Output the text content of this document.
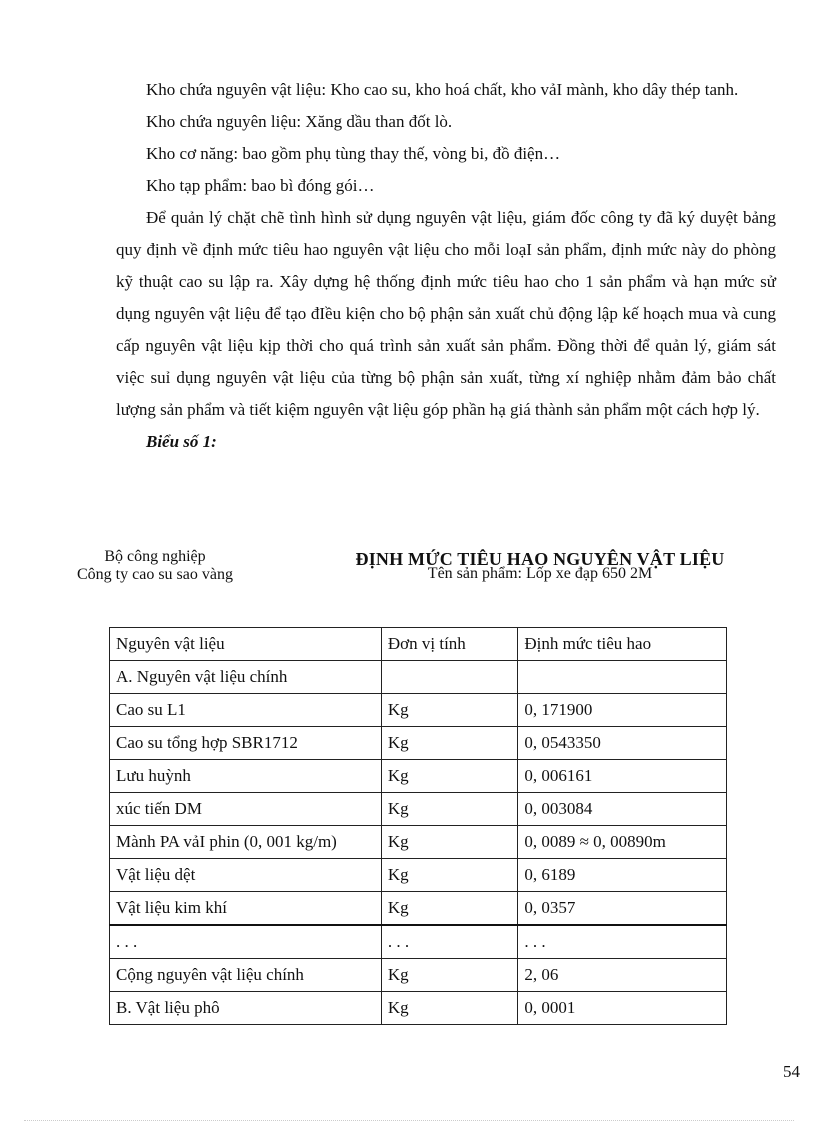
Kho chứa nguyên vật liệu: Kho cao su, kho hoá chất, kho vảI mành, kho dây thép tanh.

Kho chứa nguyên liệu: Xăng dầu than đốt lò.

Kho cơ năng: bao gồm phụ tùng thay thế, vòng bi, đồ điện…

Kho tạp phẩm: bao bì đóng gói…

Để quản lý chặt chẽ tình hình sử dụng nguyên vật liệu, giám đốc công ty đã ký duyệt bảng quy định về định mức tiêu hao nguyên vật liệu cho mỗi loạI sản phẩm, định mức này do phòng kỹ thuật cao su lập ra. Xây dựng hệ thống định mức tiêu hao cho 1 sản phẩm và hạn mức sử dụng nguyên vật liệu để tạo đIều kiện cho bộ phận sản xuất chủ động lập kế hoạch mua và cung cấp nguyên vật liệu kịp thời cho quá trình sản xuất sản phẩm. Đồng thời để quản lý, giám sát việc suỉ dụng nguyên vật liệu của từng bộ phận sản xuất, từng xí nghiệp nhằm đảm bảo chất lượng sản phẩm và tiết kiệm nguyên vật liệu góp phần hạ giá thành sản phẩm một cách hợp lý.

Biểu số 1:

Bộ công nghiệp
Công ty cao su sao vàng
ĐỊNH MỨC TIÊU HAO NGUYÊN VẬT LIỆU
Tên sản phẩm: Lốp xe đạp 650 2M
Nguyên vật liệu	Đơn vị tính	Định mức tiêu hao
A. Nguyên vật liệu chính		
Cao su L1	Kg	0, 171900
Cao su tổng hợp SBR1712	Kg	0, 0543350
Lưu huỳnh	Kg	0, 006161
xúc tiến DM	Kg	0, 003084
Mành PA vảI phin (0, 001 kg/m)	Kg	0, 0089 ≈ 0, 00890m
Vật liệu dệt	Kg	0, 6189
Vật liệu kim khí	Kg	0, 0357
. . .	. . .	. . .
Cộng nguyên vật liệu chính	Kg	2, 06
B. Vật liệu phô	Kg	0, 0001
54
